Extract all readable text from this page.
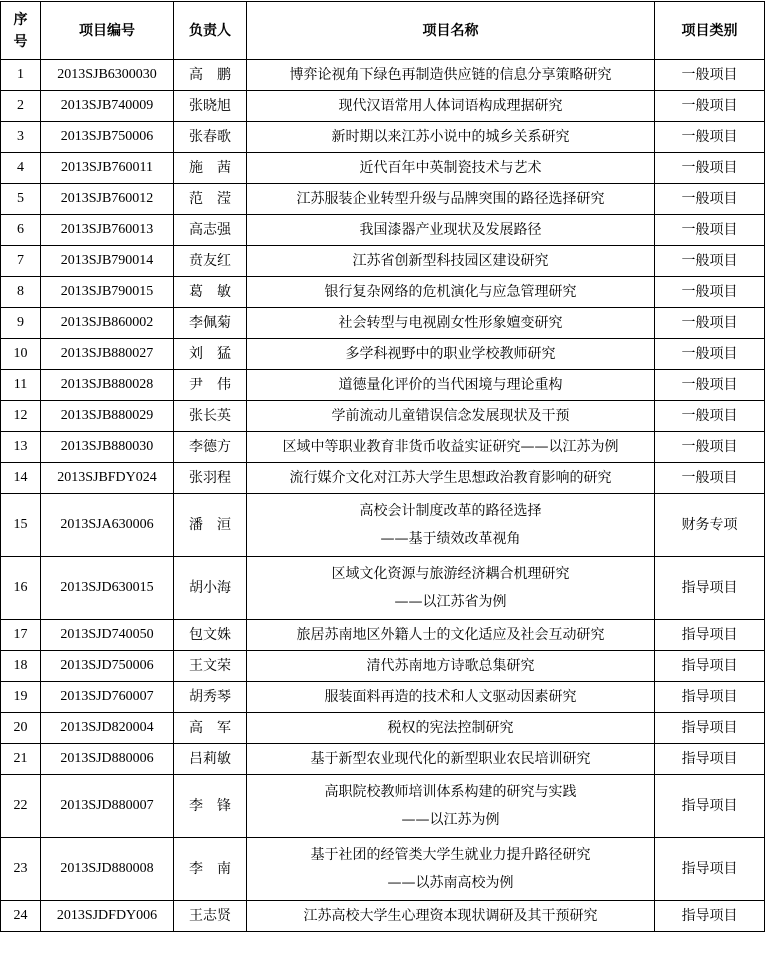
序
号	项目编号	负责人	项目名称	项目类别
1	2013SJB6300030	高　鹏	博弈论视角下绿色再制造供应链的信息分享策略研究	一般项目
2	2013SJB740009	张晓旭	现代汉语常用人体词语构成理据研究	一般项目
3	2013SJB750006	张春歌	新时期以来江苏小说中的城乡关系研究	一般项目
4	2013SJB760011	施　茜	近代百年中英制瓷技术与艺术	一般项目
5	2013SJB760012	范　滢	江苏服装企业转型升级与品牌突围的路径选择研究	一般项目
6	2013SJB760013	高志强	我国漆器产业现状及发展路径	一般项目
7	2013SJB790014	贲友红	江苏省创新型科技园区建设研究	一般项目
8	2013SJB790015	葛　敏	银行复杂网络的危机演化与应急管理研究	一般项目
9	2013SJB860002	李佩菊	社会转型与电视剧女性形象嬗变研究	一般项目
10	2013SJB880027	刘　猛	多学科视野中的职业学校教师研究	一般项目
11	2013SJB880028	尹　伟	道德量化评价的当代困境与理论重构	一般项目
12	2013SJB880029	张长英	学前流动儿童错误信念发展现状及干预	一般项目
13	2013SJB880030	李德方	区域中等职业教育非货币收益实证研究——以江苏为例	一般项目
14	2013SJBFDY024	张羽程	流行媒介文化对江苏大学生思想政治教育影响的研究	一般项目
15	2013SJA630006	潘　洹	高校会计制度改革的路径选择
——基于绩效改革视角	财务专项
16	2013SJD630015	胡小海	区域文化资源与旅游经济耦合机理研究
——以江苏省为例	指导项目
17	2013SJD740050	包文姝	旅居苏南地区外籍人士的文化适应及社会互动研究	指导项目
18	2013SJD750006	王文荣	清代苏南地方诗歌总集研究	指导项目
19	2013SJD760007	胡秀琴	服装面料再造的技术和人文驱动因素研究	指导项目
20	2013SJD820004	高　军	税权的宪法控制研究	指导项目
21	2013SJD880006	吕莉敏	基于新型农业现代化的新型职业农民培训研究	指导项目
22	2013SJD880007	李　锋	高职院校教师培训体系构建的研究与实践
——以江苏为例	指导项目
23	2013SJD880008	李　南	基于社团的经管类大学生就业力提升路径研究
——以苏南高校为例	指导项目
24	2013SJDFDY006	王志贤	江苏高校大学生心理资本现状调研及其干预研究	指导项目
